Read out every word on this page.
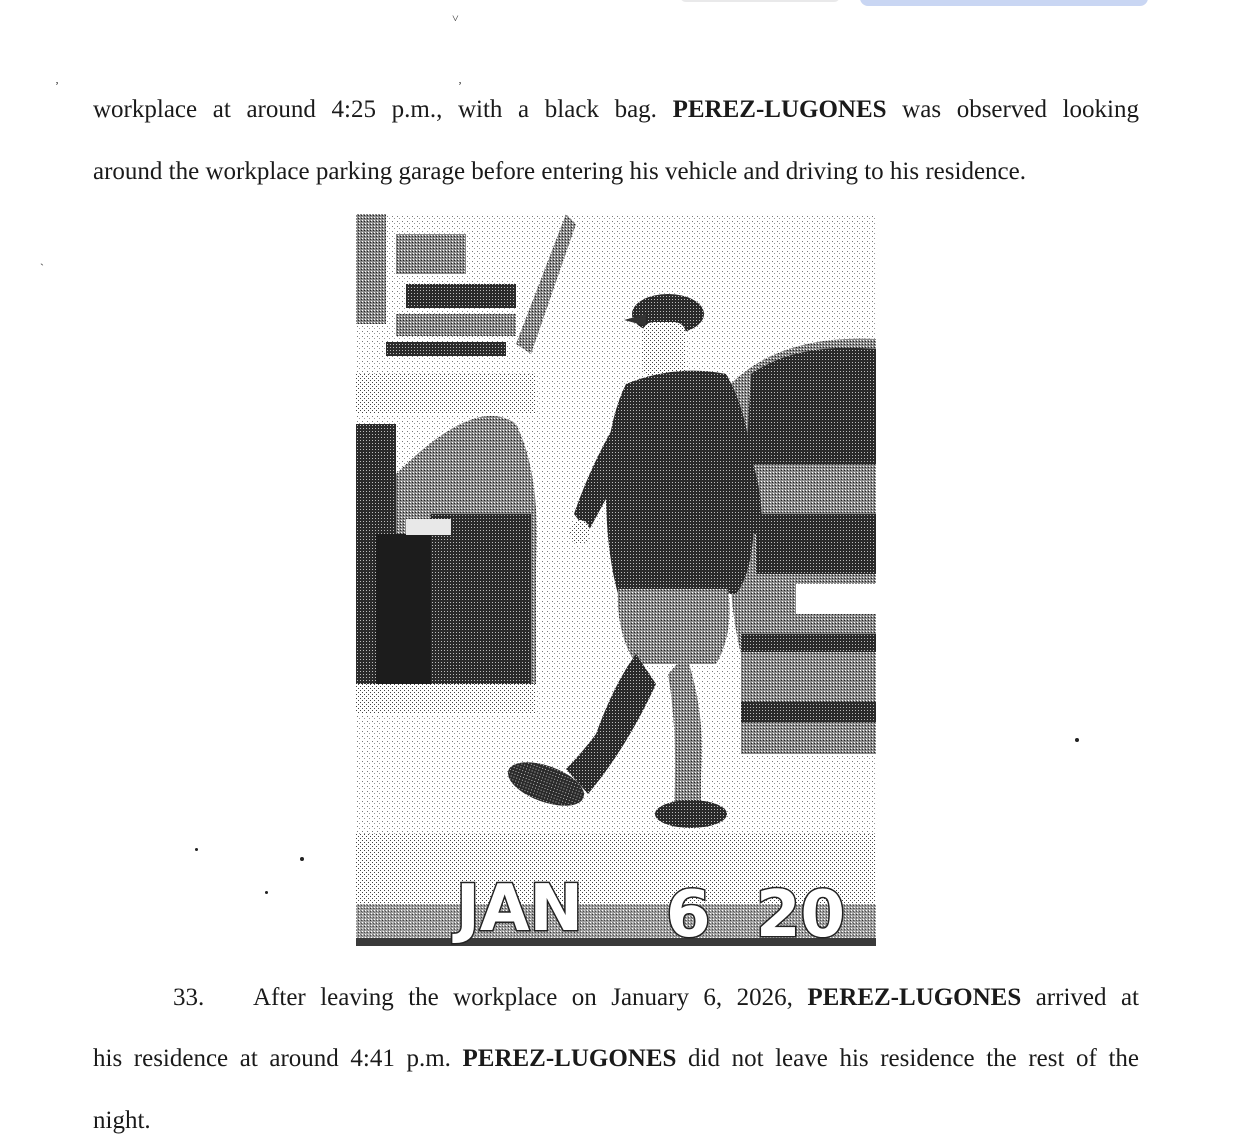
˅
ʼ	ʼ
ˋ
workplace at around 4:25 p.m., with a black bag. PEREZ-LUGONES was observed looking
around the workplace parking garage before entering his vehicle and driving to his residence.
JAN 6 20
33. After leaving the workplace on January 6, 2026, PEREZ-LUGONES arrived at
his residence at around 4:41 p.m. PEREZ-LUGONES did not leave his residence the rest of the
night.
